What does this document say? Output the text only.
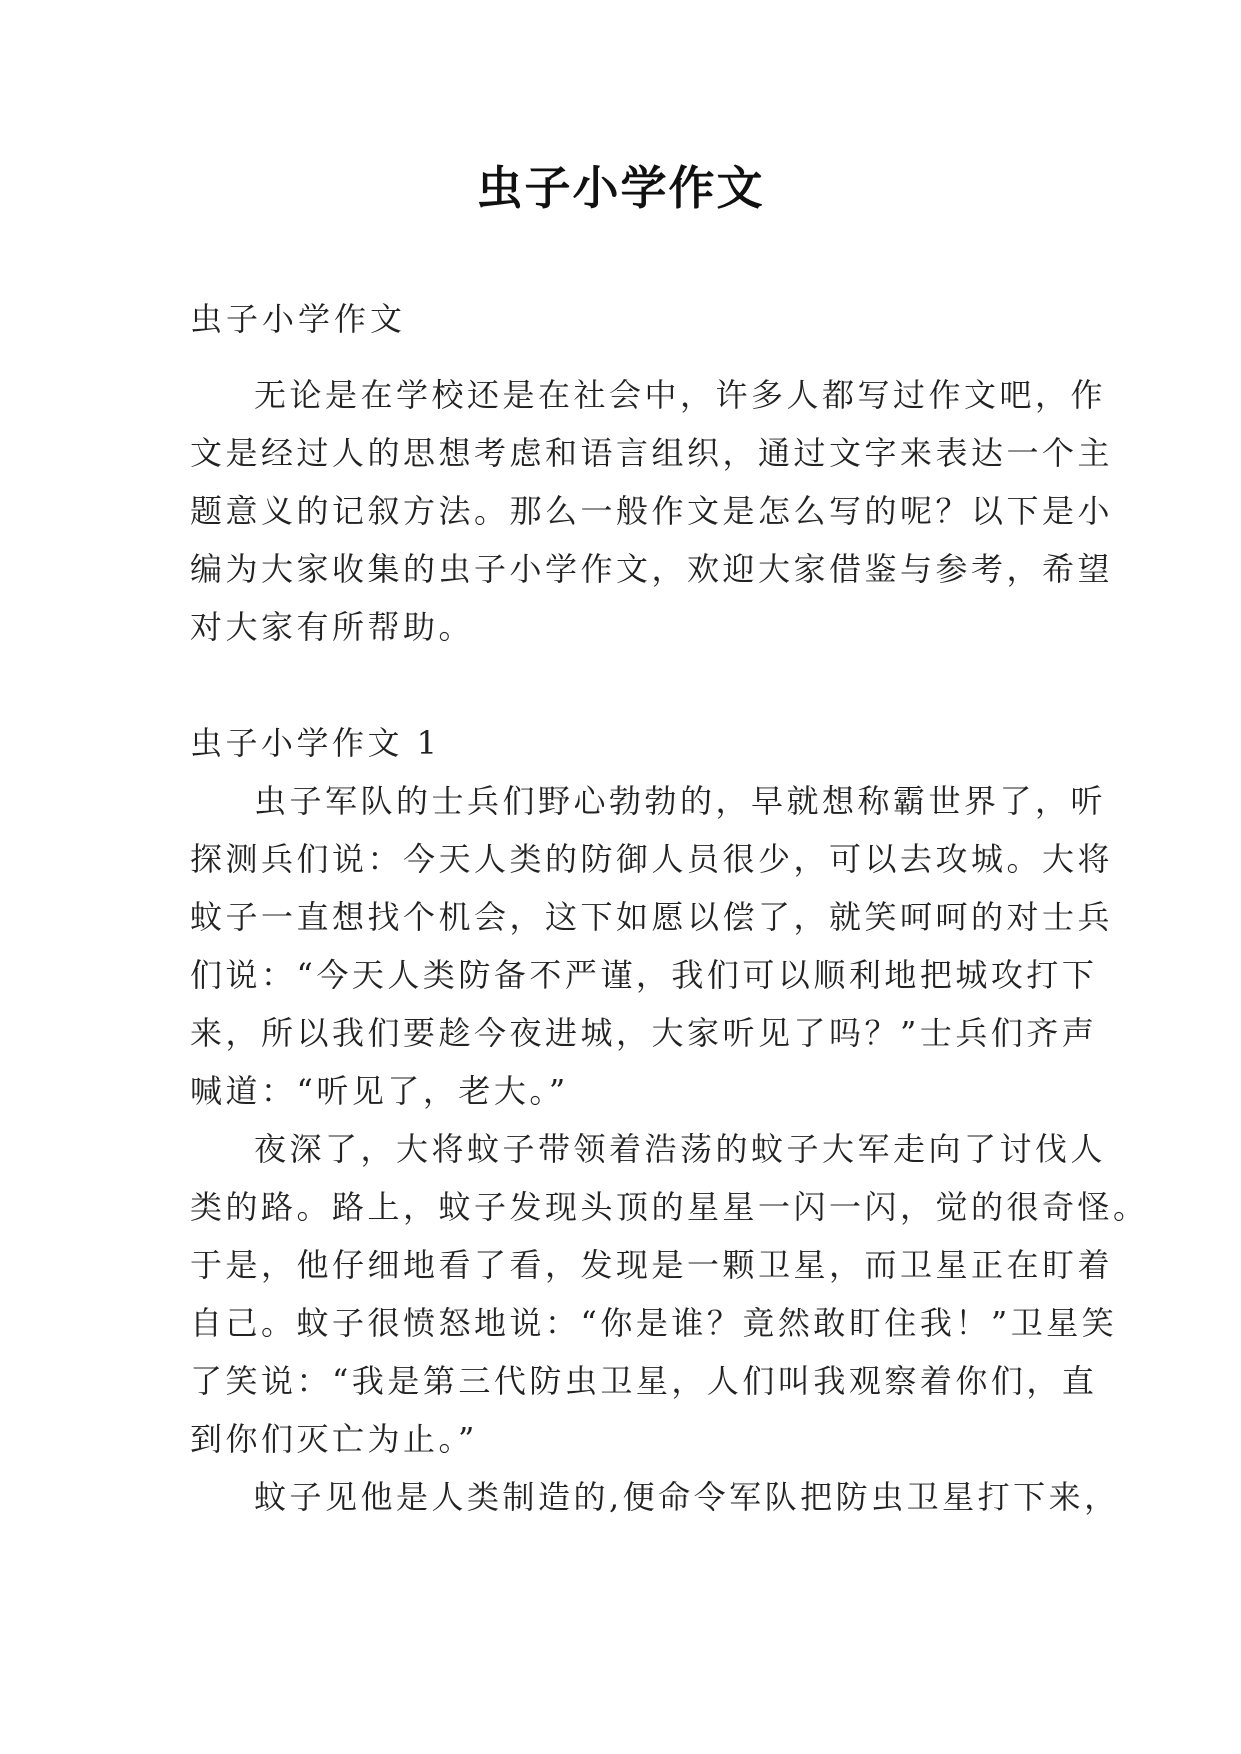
虫子小学作文

虫子小学作文

无论是在学校还是在社会中，许多人都写过作文吧，作

文是经过人的思想考虑和语言组织，通过文字来表达一个主

题意义的记叙方法。那么一般作文是怎么写的呢？以下是小

编为大家收集的虫子小学作文，欢迎大家借鉴与参考，希望

对大家有所帮助。

虫子小学作文 1

虫子军队的士兵们野心勃勃的，早就想称霸世界了，听

探测兵们说：今天人类的防御人员很少，可以去攻城。大将

蚊子一直想找个机会，这下如愿以偿了，就笑呵呵的对士兵

们说：“今天人类防备不严谨，我们可以顺利地把城攻打下

来，所以我们要趁今夜进城，大家听见了吗？”士兵们齐声

喊道：“听见了，老大。”

夜深了，大将蚊子带领着浩荡的蚊子大军走向了讨伐人

类的路。路上，蚊子发现头顶的星星一闪一闪，觉的很奇怪。

于是，他仔细地看了看，发现是一颗卫星，而卫星正在盯着

自己。蚊子很愤怒地说：“你是谁？竟然敢盯住我！”卫星笑

了笑说：“我是第三代防虫卫星，人们叫我观察着你们，直

到你们灭亡为止。”

蚊子见他是人类制造的,便命令军队把防虫卫星打下来，
